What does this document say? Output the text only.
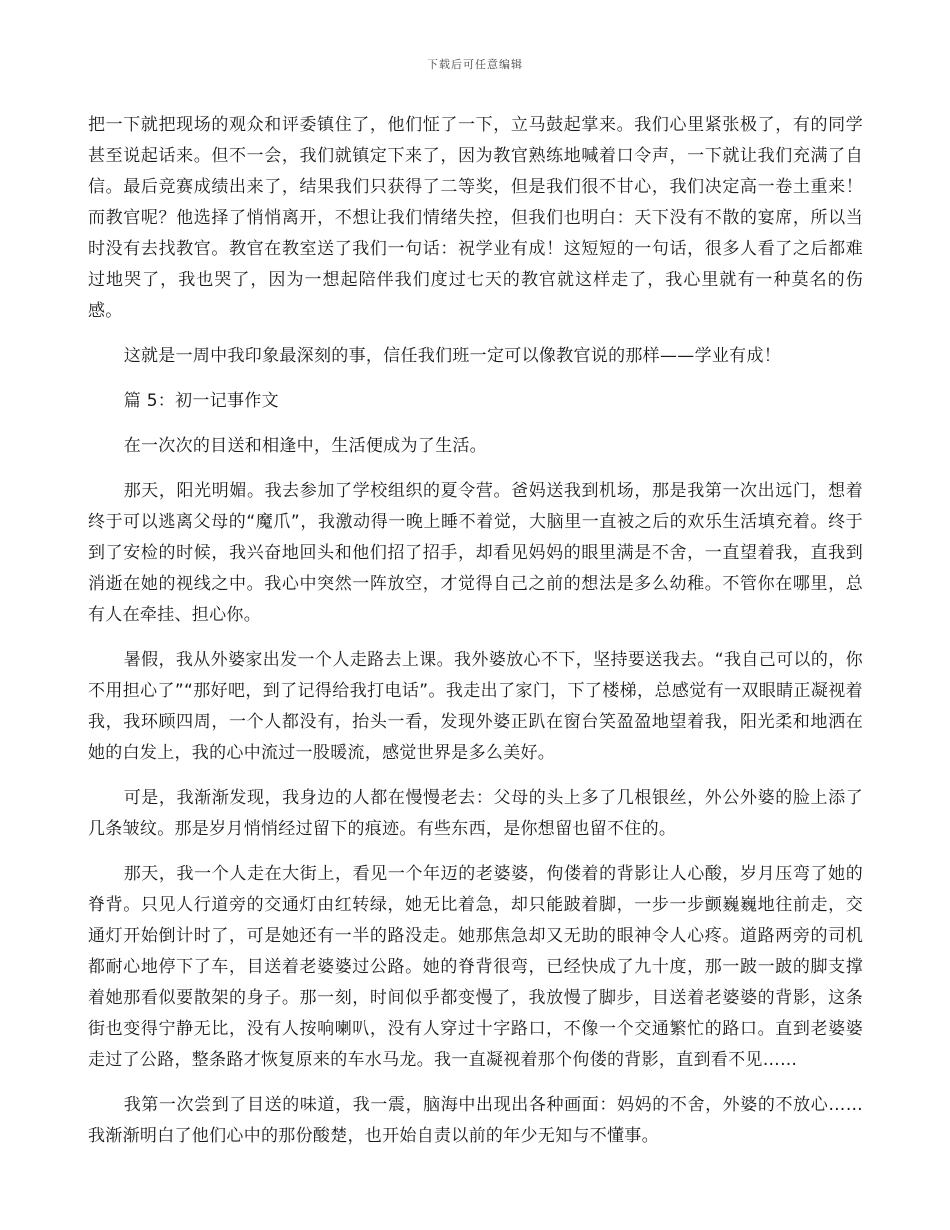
下载后可任意编辑

把一下就把现场的观众和评委镇住了，他们怔了一下，立马鼓起掌来。我们心里紧张极了，有的同学甚至说起话来。但不一会，我们就镇定下来了，因为教官熟练地喊着口令声，一下就让我们充满了自信。最后竞赛成绩出来了，结果我们只获得了二等奖，但是我们很不甘心，我们决定高一卷土重来！而教官呢？他选择了悄悄离开，不想让我们情绪失控，但我们也明白：天下没有不散的宴席，所以当时没有去找教官。教官在教室送了我们一句话：祝学业有成！这短短的一句话，很多人看了之后都难过地哭了，我也哭了，因为一想起陪伴我们度过七天的教官就这样走了，我心里就有一种莫名的伤感。

这就是一周中我印象最深刻的事，信任我们班一定可以像教官说的那样——学业有成！

篇 5：初一记事作文

在一次次的目送和相逢中，生活便成为了生活。

那天，阳光明媚。我去参加了学校组织的夏令营。爸妈送我到机场，那是我第一次出远门，想着终于可以逃离父母的“魔爪”，我激动得一晚上睡不着觉，大脑里一直被之后的欢乐生活填充着。终于到了安检的时候，我兴奋地回头和他们招了招手，却看见妈妈的眼里满是不舍，一直望着我，直我到消逝在她的视线之中。我心中突然一阵放空，才觉得自己之前的想法是多么幼稚。不管你在哪里，总有人在牵挂、担心你。

暑假，我从外婆家出发一个人走路去上课。我外婆放心不下，坚持要送我去。“我自己可以的，你不用担心了”“那好吧，到了记得给我打电话”。我走出了家门，下了楼梯，总感觉有一双眼睛正凝视着我，我环顾四周，一个人都没有，抬头一看，发现外婆正趴在窗台笑盈盈地望着我，阳光柔和地洒在她的白发上，我的心中流过一股暖流，感觉世界是多么美好。

可是，我渐渐发现，我身边的人都在慢慢老去：父母的头上多了几根银丝，外公外婆的脸上添了几条皱纹。那是岁月悄悄经过留下的痕迹。有些东西，是你想留也留不住的。

那天，我一个人走在大街上，看见一个年迈的老婆婆，佝偻着的背影让人心酸，岁月压弯了她的脊背。只见人行道旁的交通灯由红转绿，她无比着急，却只能跛着脚，一步一步颤巍巍地往前走，交通灯开始倒计时了，可是她还有一半的路没走。她那焦急却又无助的眼神令人心疼。道路两旁的司机都耐心地停下了车，目送着老婆婆过公路。她的脊背很弯，已经快成了九十度，那一跛一跛的脚支撑着她那看似要散架的身子。那一刻，时间似乎都变慢了，我放慢了脚步，目送着老婆婆的背影，这条街也变得宁静无比，没有人按响喇叭，没有人穿过十字路口，不像一个交通繁忙的路口。直到老婆婆走过了公路，整条路才恢复原来的车水马龙。我一直凝视着那个佝偻的背影，直到看不见……

我第一次尝到了目送的味道，我一震，脑海中出现出各种画面：妈妈的不舍，外婆的不放心……我渐渐明白了他们心中的那份酸楚，也开始自责以前的年少无知与不懂事。
